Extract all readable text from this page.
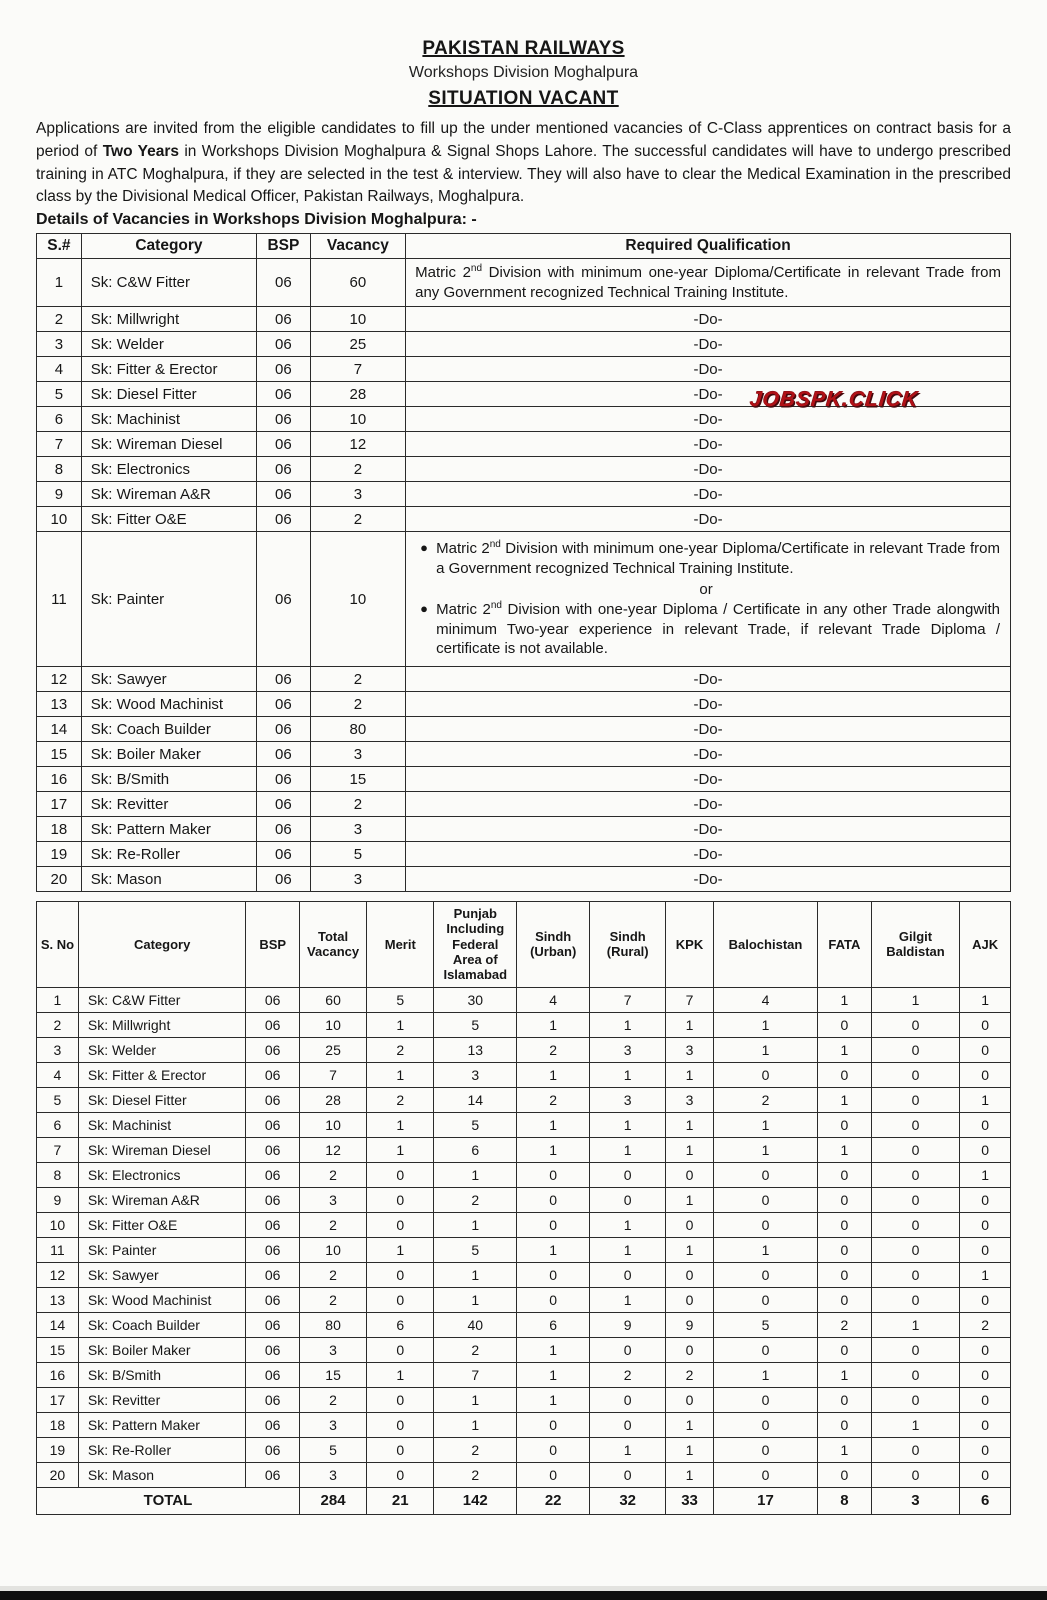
PAKISTAN RAILWAYS
Workshops Division Moghalpura
SITUATION VACANT

Applications are invited from the eligible candidates to fill up the under mentioned vacancies of C-Class apprentices on contract basis for a period of Two Years in Workshops Division Moghalpura & Signal Shops Lahore. The successful candidates will have to undergo prescribed training in ATC Moghalpura, if they are selected in the test & interview. They will also have to clear the Medical Examination in the prescribed class by the Divisional Medical Officer, Pakistan Railways, Moghalpura.

Details of Vacancies in Workshops Division Moghalpura: -
S.#	Category	BSP	Vacancy	Required Qualification
1	Sk: C&W Fitter	06	60	Matric 2nd Division with minimum one-year Diploma/Certificate in relevant Trade from any Government recognized Technical Training Institute.
2	Sk: Millwright	06	10	-Do-
3	Sk: Welder	06	25	-Do-
4	Sk: Fitter & Erector	06	7	-Do-
5	Sk: Diesel Fitter	06	28	-Do-
6	Sk: Machinist	06	10	-Do-
7	Sk: Wireman Diesel	06	12	-Do-
8	Sk: Electronics	06	2	-Do-
9	Sk: Wireman A&R	06	3	-Do-
10	Sk: Fitter O&E	06	2	-Do-
11	Sk: Painter	06	10	● Matric 2nd Division with minimum one-year Diploma/Certificate in relevant Trade from a Government recognized Technical Training Institute.
or
● Matric 2nd Division with one-year Diploma / Certificate in any other Trade alongwith minimum Two-year experience in relevant Trade, if relevant Trade Diploma / certificate is not available.

12	Sk: Sawyer	06	2	-Do-
13	Sk: Wood Machinist	06	2	-Do-
14	Sk: Coach Builder	06	80	-Do-
15	Sk: Boiler Maker	06	3	-Do-
16	Sk: B/Smith	06	15	-Do-
17	Sk: Revitter	06	2	-Do-
18	Sk: Pattern Maker	06	3	-Do-
19	Sk: Re-Roller	06	5	-Do-
20	Sk: Mason	06	3	-Do-
S. No	Category	BSP	Total Vacancy	Merit	Punjab Including Federal Area of Islamabad	Sindh (Urban)	Sindh (Rural)	KPK	Balochistan	FATA	Gilgit Baldistan	AJK
1	Sk: C&W Fitter	06	60	5	30	4	7	7	4	1	1	1
2	Sk: Millwright	06	10	1	5	1	1	1	1	0	0	0
3	Sk: Welder	06	25	2	13	2	3	3	1	1	0	0
4	Sk: Fitter & Erector	06	7	1	3	1	1	1	0	0	0	0
5	Sk: Diesel Fitter	06	28	2	14	2	3	3	2	1	0	1
6	Sk: Machinist	06	10	1	5	1	1	1	1	0	0	0
7	Sk: Wireman Diesel	06	12	1	6	1	1	1	1	1	0	0
8	Sk: Electronics	06	2	0	1	0	0	0	0	0	0	1
9	Sk: Wireman A&R	06	3	0	2	0	0	1	0	0	0	0
10	Sk: Fitter O&E	06	2	0	1	0	1	0	0	0	0	0
11	Sk: Painter	06	10	1	5	1	1	1	1	0	0	0
12	Sk: Sawyer	06	2	0	1	0	0	0	0	0	0	1
13	Sk: Wood Machinist	06	2	0	1	0	1	0	0	0	0	0
14	Sk: Coach Builder	06	80	6	40	6	9	9	5	2	1	2
15	Sk: Boiler Maker	06	3	0	2	1	0	0	0	0	0	0
16	Sk: B/Smith	06	15	1	7	1	2	2	1	1	0	0
17	Sk: Revitter	06	2	0	1	1	0	0	0	0	0	0
18	Sk: Pattern Maker	06	3	0	1	0	0	1	0	0	1	0
19	Sk: Re-Roller	06	5	0	2	0	1	1	0	1	0	0
20	Sk: Mason	06	3	0	2	0	0	1	0	0	0	0
TOTAL			284	21	142	22	32	33	17	8	3	6
JOBSPK.CLICK
